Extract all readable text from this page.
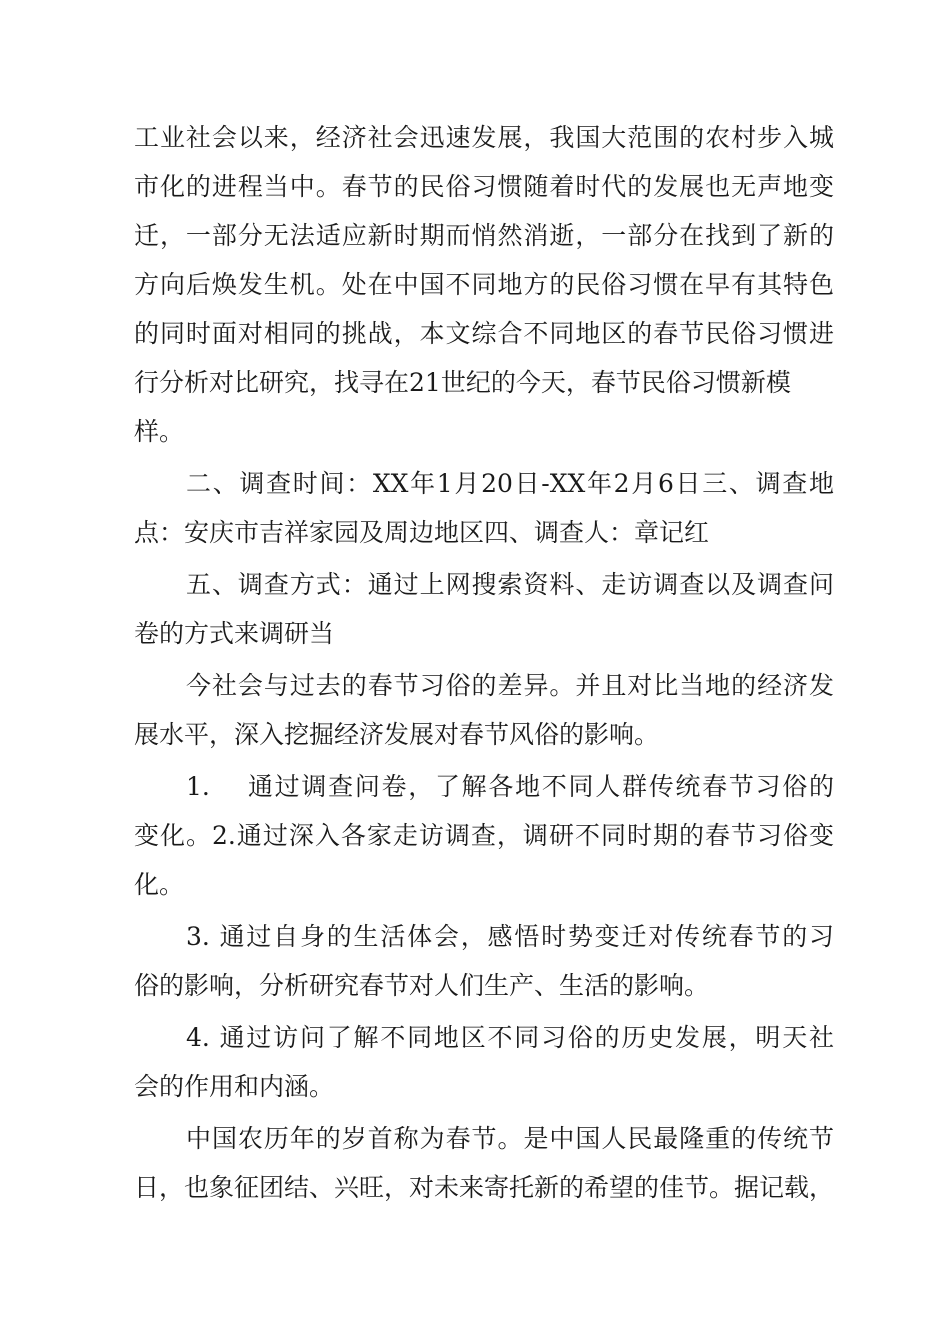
工业社会以来，经济社会迅速发展，我国大范围的农村步入城
市化的进程当中。春节的民俗习惯随着时代的发展也无声地变
迁，一部分无法适应新时期而悄然消逝，一部分在找到了新的
方向后焕发生机。处在中国不同地方的民俗习惯在早有其特色
的同时面对相同的挑战，本文综合不同地区的春节民俗习惯进
行分析对比研究，找寻在21世纪的今天，春节民俗习惯新模
样。
二、调查时间：XX年1月20日-XX年2月6日三、调查地
点：安庆市吉祥家园及周边地区四、调查人：章记红
五、调查方式：通过上网搜索资料、走访调查以及调查问
卷的方式来调研当
今社会与过去的春节习俗的差异。并且对比当地的经济发
展水平，深入挖掘经济发展对春节风俗的影响。
1.　 通过调查问卷，了解各地不同人群传统春节习俗的
变化。2.通过深入各家走访调查，调研不同时期的春节习俗变
化。
3. 通过自身的生活体会，感悟时势变迁对传统春节的习
俗的影响，分析研究春节对人们生产、生活的影响。
4. 通过访问了解不同地区不同习俗的历史发展，明天社
会的作用和内涵。
中国农历年的岁首称为春节。是中国人民最隆重的传统节
日，也象征团结、兴旺，对未来寄托新的希望的佳节。据记载，
